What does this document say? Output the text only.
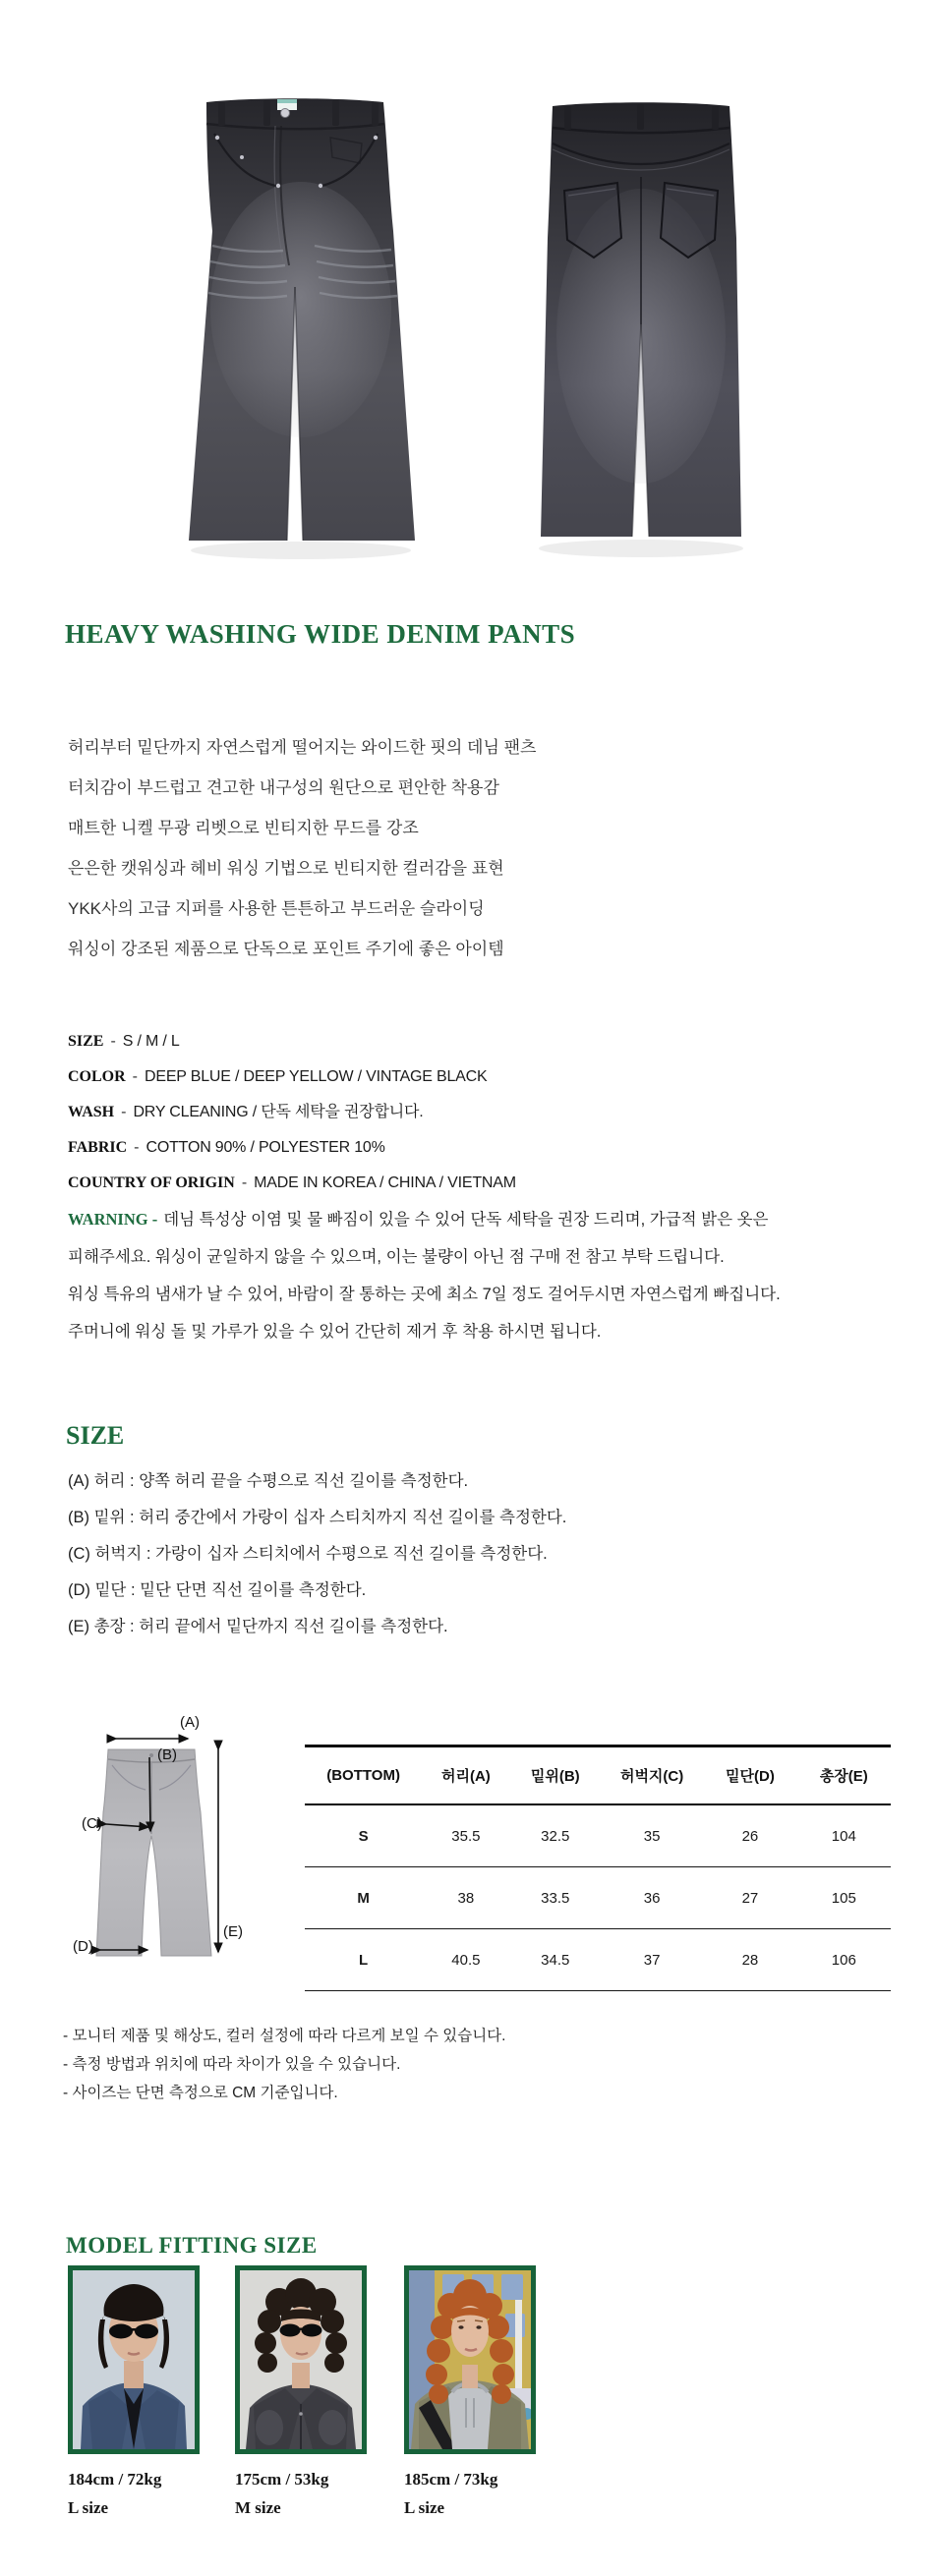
HEAVY WASHING WIDE DENIM PANTS
허리부터 밑단까지 자연스럽게 떨어지는 와이드한 핏의 데님 팬츠
터치감이 부드럽고 견고한 내구성의 원단으로 편안한 착용감
매트한 니켈 무광 리벳으로 빈티지한 무드를 강조
은은한 캣워싱과 헤비 워싱 기법으로 빈티지한 컬러감을 표현
YKK사의 고급 지퍼를 사용한 튼튼하고 부드러운 슬라이딩
워싱이 강조된 제품으로 단독으로 포인트 주기에 좋은 아이템
SIZE - S / M / L
COLOR - DEEP BLUE / DEEP YELLOW / VINTAGE BLACK
WASH - DRY CLEANING / 단독 세탁을 권장합니다.
FABRIC - COTTON 90% / POLYESTER 10%
COUNTRY OF ORIGIN - MADE IN KOREA / CHINA / VIETNAM
WARNING - 데님 특성상 이염 및 물 빠짐이 있을 수 있어 단독 세탁을 권장 드리며, 가급적 밝은 옷은
피해주세요. 워싱이 균일하지 않을 수 있으며, 이는 불량이 아닌 점 구매 전 참고 부탁 드립니다.
워싱 특유의 냄새가 날 수 있어, 바람이 잘 통하는 곳에 최소 7일 정도 걸어두시면 자연스럽게 빠집니다.
주머니에 워싱 돌 및 가루가 있을 수 있어 간단히 제거 후 착용 하시면 됩니다.
SIZE
(A) 허리 : 양쪽 허리 끝을 수평으로 직선 길이를 측정한다.
(B) 밑위 : 허리 중간에서 가랑이 십자 스티치까지 직선 길이를 측정한다.
(C) 허벅지 : 가랑이 십자 스티치에서 수평으로 직선 길이를 측정한다.
(D) 밑단 : 밑단 단면 직선 길이를 측정한다.
(E) 총장 : 허리 끝에서 밑단까지 직선 길이를 측정한다.
(A)
(B)
(C)
(D)
(E)
(BOTTOM)	허리(A)	밑위(B)	허벅지(C)	밑단(D)	총장(E)
S	35.5	32.5	35	26	104
M	38	33.5	36	27	105
L	40.5	34.5	37	28	106
- 모니터 제품 및 해상도, 컬러 설정에 따라 다르게 보일 수 있습니다.
- 측정 방법과 위치에 따라 차이가 있을 수 있습니다.
- 사이즈는 단면 측정으로 CM 기준입니다.
MODEL FITTING SIZE
184cm / 72kg
L size
175cm / 53kg
M size
185cm / 73kg
L size
